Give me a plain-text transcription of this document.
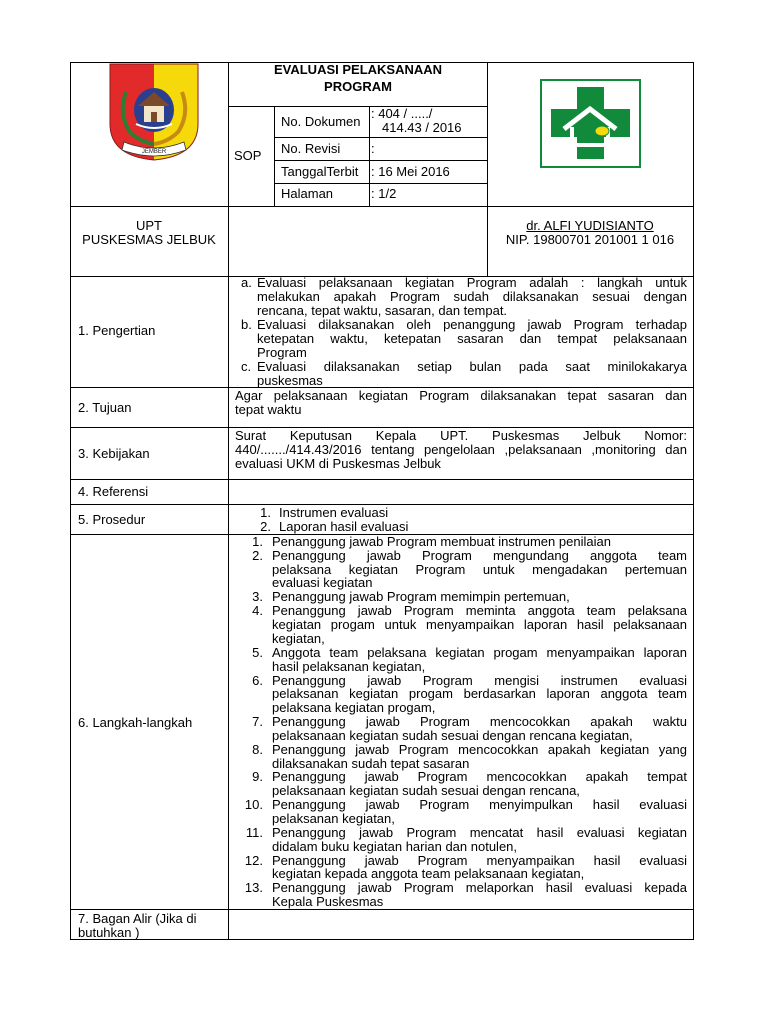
JEMBER
EVALUASI PELAKSANAAN
PROGRAM
SOP
No. Dokumen
: 404 / ...../
414.43 / 2016
No. Revisi :
TanggalTerbit : 16 Mei 2016
Halaman	: 1/2
UPT
PUSKESMAS JELBUK
dr. ALFI YUDISIANTO
NIP. 19800701 201001 1 016
1. Pengertian
2. Tujuan
3. Kebijakan
4. Referensi
5. Prosedur
6. Langkah-langkah
7. Bagan Alir (Jika di
butuhkan )
a. Evaluasi pelaksanaan kegiatan Program adalah : langkah untuk
melakukan apakah Program sudah dilaksanakan sesuai dengan
rencana, tepat waktu, sasaran, dan tempat.
b. Evaluasi dilaksanakan oleh penanggung jawab Program terhadap
ketepatan waktu, ketepatan sasaran dan tempat pelaksanaan
Program
c. Evaluasi dilaksanakan setiap bulan pada saat minilokakarya
puskesmas
Agar pelaksanaan kegiatan Program dilaksanakan tepat sasaran dan
tepat waktu
Surat Keputusan Kepala UPT. Puskesmas Jelbuk Nomor:
440/......./414.43/2016 tentang pengelolaan ,pelaksanaan ,monitoring dan
evaluasi UKM di Puskesmas Jelbuk
1. Instrumen evaluasi
2. Laporan hasil evaluasi
1. Penanggung jawab Program membuat instrumen penilaian
2. Penanggung jawab Program mengundang anggota team
pelaksana kegiatan Program untuk mengadakan pertemuan
evaluasi kegiatan
3. Penanggung jawab Program memimpin pertemuan,
4. Penanggung jawab Program meminta anggota team pelaksana
kegiatan progam untuk menyampaikan laporan hasil pelaksanaan
kegiatan,
5. Anggota team pelaksana kegiatan progam menyampaikan laporan
hasil pelaksanan kegiatan,
6. Penanggung jawab Program mengisi instrumen evaluasi
pelaksanan kegiatan progam berdasarkan laporan anggota team
pelaksana kegiatan progam,
7. Penanggung jawab Program mencocokkan apakah waktu
pelaksanaan kegiatan sudah sesuai dengan rencana kegiatan,
8. Penanggung jawab Program mencocokkan apakah kegiatan yang
dilaksanakan sudah tepat sasaran
9. Penanggung jawab Program mencocokkan apakah tempat
pelaksanaan kegiatan sudah sesuai dengan rencana,
10. Penanggung jawab Program menyimpulkan hasil evaluasi
pelaksanan kegiatan,
11. Penanggung jawab Program mencatat hasil evaluasi kegiatan
didalam buku kegiatan harian dan notulen,
12. Penanggung jawab Program menyampaikan hasil evaluasi
kegiatan kepada anggota team pelaksanaan kegiatan,
13. Penanggung jawab Program melaporkan hasil evaluasi kepada
Kepala Puskesmas
